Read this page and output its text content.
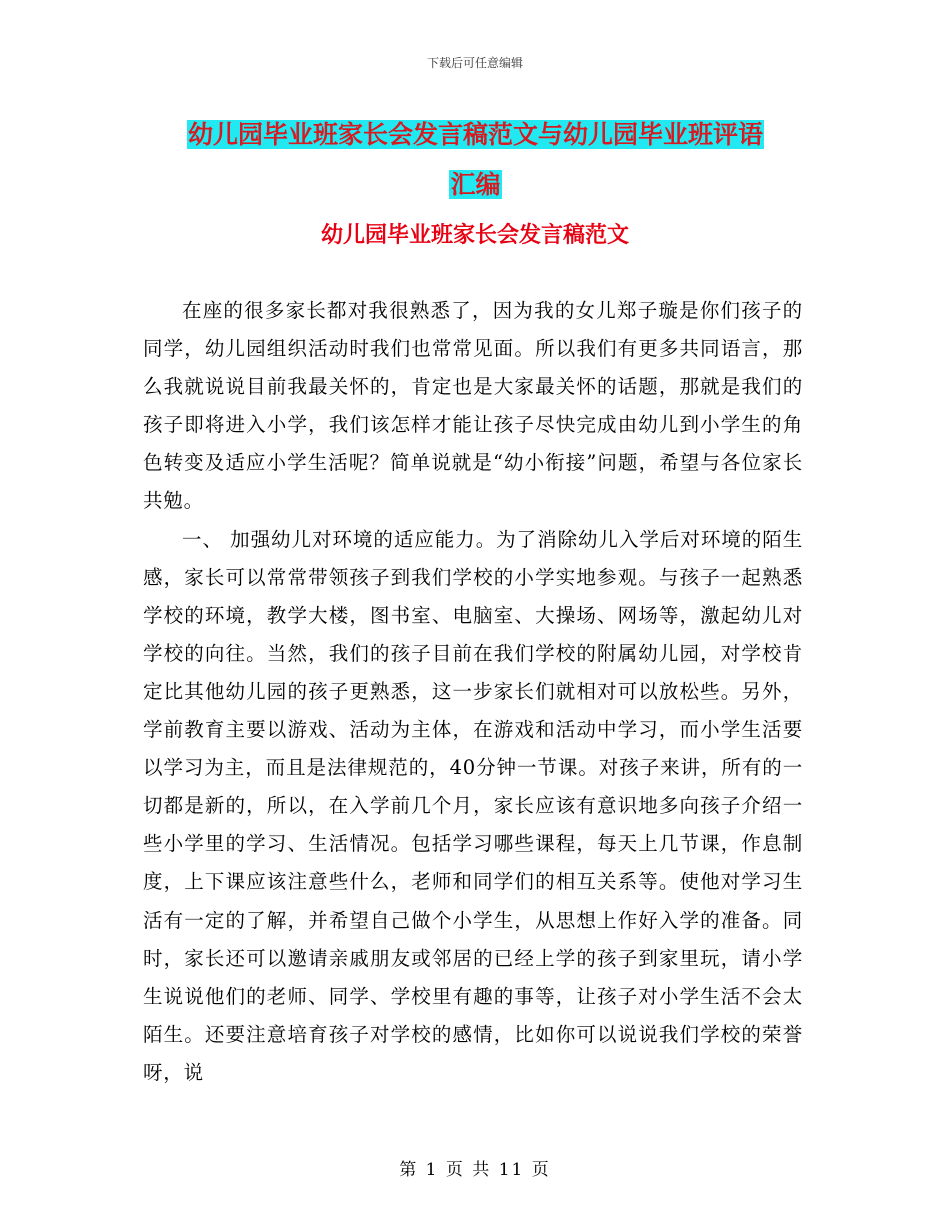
下载后可任意编辑
幼儿园毕业班家长会发言稿范文与幼儿园毕业班评语
汇编
幼儿园毕业班家长会发言稿范文

在座的很多家长都对我很熟悉了，因为我的女儿郑子璇是你们孩子的同学，幼儿园组织活动时我们也常常见面。所以我们有更多共同语言，那么我就说说目前我最关怀的，肯定也是大家最关怀的话题，那就是我们的孩子即将进入小学，我们该怎样才能让孩子尽快完成由幼儿到小学生的角色转变及适应小学生活呢？简单说就是“幼小衔接”问题，希望与各位家长共勉。

一、 加强幼儿对环境的适应能力。为了消除幼儿入学后对环境的陌生感，家长可以常常带领孩子到我们学校的小学实地参观。与孩子一起熟悉学校的环境，教学大楼，图书室、电脑室、大操场、网场等，激起幼儿对学校的向往。当然，我们的孩子目前在我们学校的附属幼儿园，对学校肯定比其他幼儿园的孩子更熟悉，这一步家长们就相对可以放松些。另外，学前教育主要以游戏、活动为主体，在游戏和活动中学习，而小学生活要以学习为主，而且是法律规范的，40分钟一节课。对孩子来讲，所有的一切都是新的，所以，在入学前几个月，家长应该有意识地多向孩子介绍一些小学里的学习、生活情况。包括学习哪些课程，每天上几节课，作息制度，上下课应该注意些什么，老师和同学们的相互关系等。使他对学习生活有一定的了解，并希望自己做个小学生，从思想上作好入学的准备。同时，家长还可以邀请亲戚朋友或邻居的已经上学的孩子到家里玩，请小学生说说他们的老师、同学、学校里有趣的事等，让孩子对小学生活不会太陌生。还要注意培育孩子对学校的感情，比如你可以说说我们学校的荣誉呀，说

第 1 页 共 11 页
